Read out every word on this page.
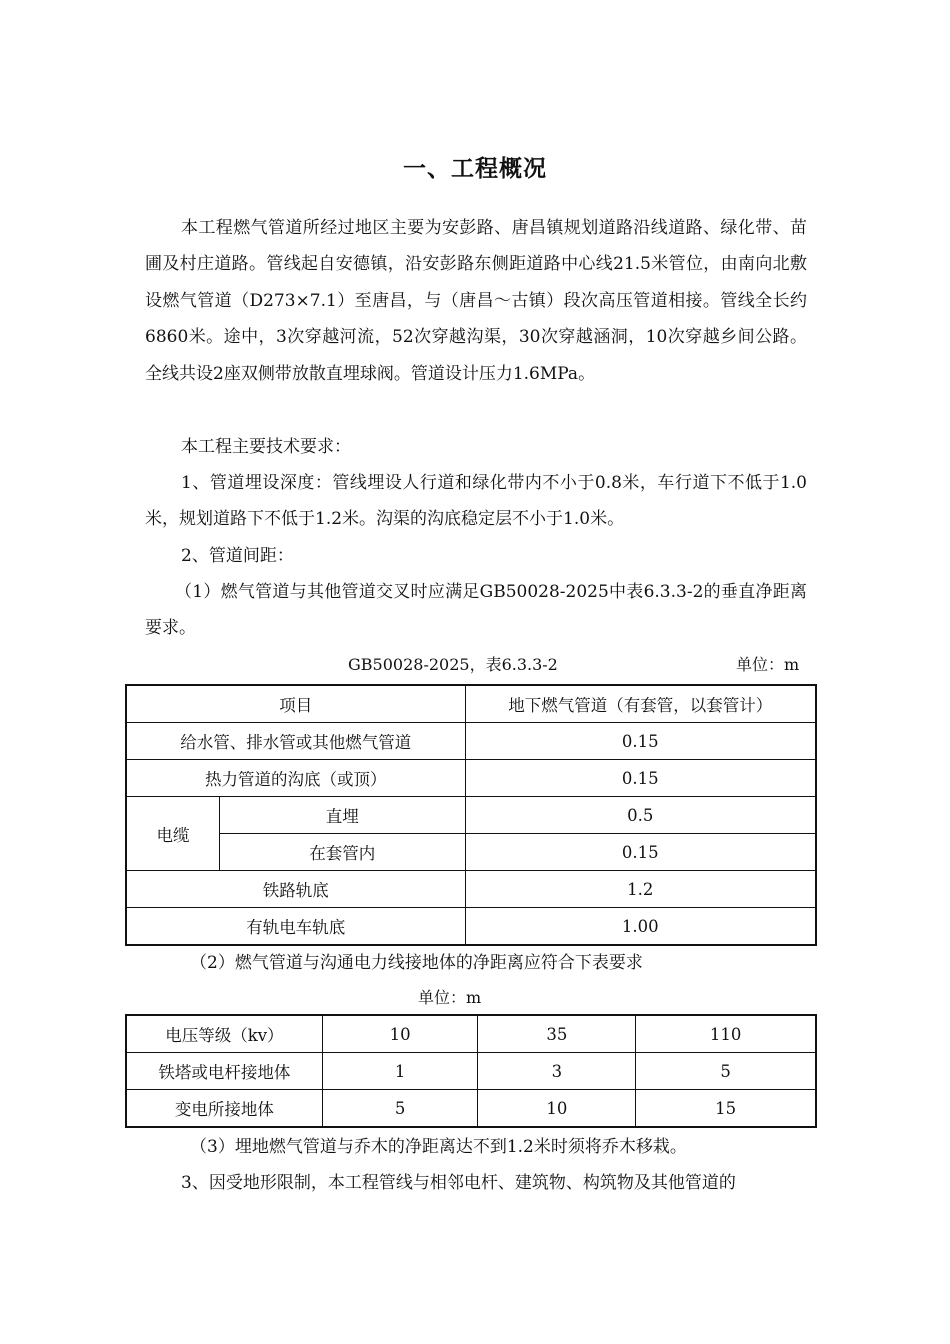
一、工程概况

本工程燃气管道所经过地区主要为安彭路、唐昌镇规划道路沿线道路、绿化带、苗圃及村庄道路。管线起自安德镇，沿安彭路东侧距道路中心线21.5米管位，由南向北敷设燃气管道（D273×7.1）至唐昌，与（唐昌～古镇）段次高压管道相接。管线全长约6860米。途中，3次穿越河流，52次穿越沟渠，30次穿越涵洞，10次穿越乡间公路。全线共设2座双侧带放散直埋球阀。管道设计压力1.6MPa。

本工程主要技术要求：

1、管道埋设深度：管线埋设人行道和绿化带内不小于0.8米，车行道下不低于1.0米，规划道路下不低于1.2米。沟渠的沟底稳定层不小于1.0米。

2、管道间距：

（1）燃气管道与其他管道交叉时应满足GB50028-2025中表6.3.3-2的垂直净距离要求。

GB50028-2025，表6.3.3-2	单位：m
项目		地下燃气管道（有套管，以套管计）
给水管、排水管或其他燃气管道		0.15
热力管道的沟底（或顶）		0.15
电缆	直埋	0.5
	在套管内	0.15
铁路轨底		1.2
有轨电车轨底		1.00
（2）燃气管道与沟通电力线接地体的净距离应符合下表要求
单位：m
电压等级（kv）	10	35	110
铁塔或电杆接地体	1	3	5
变电所接地体	5	10	15
（3）埋地燃气管道与乔木的净距离达不到1.2米时须将乔木移栽。
3、因受地形限制，本工程管线与相邻电杆、建筑物、构筑物及其他管道的
